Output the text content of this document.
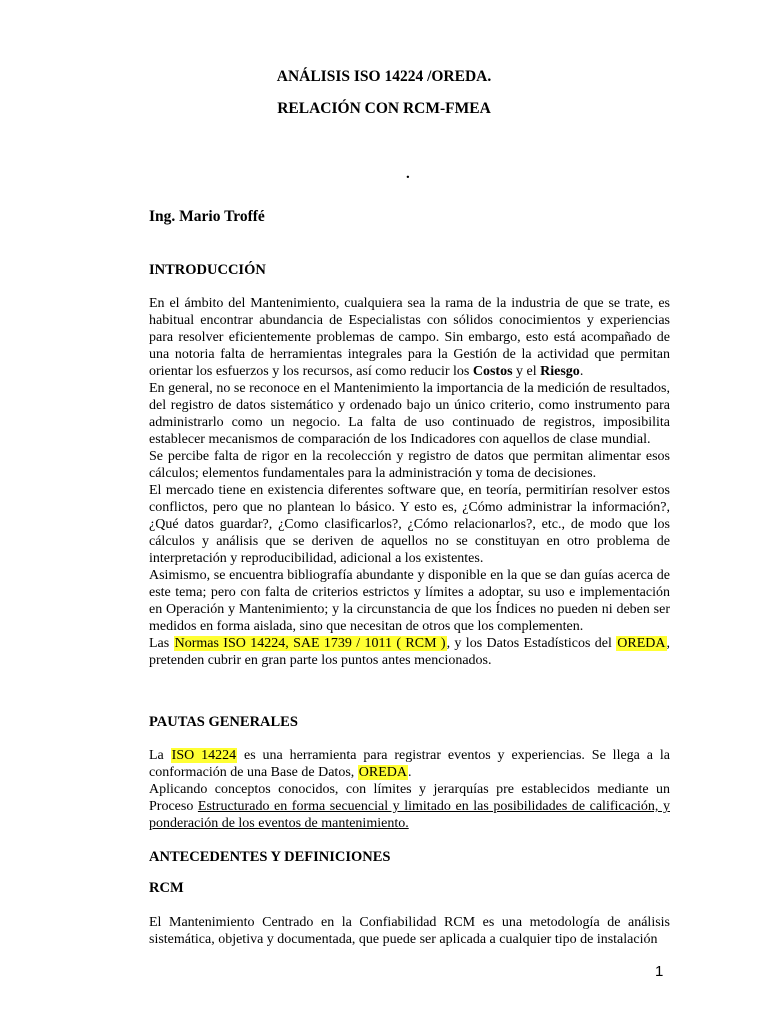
ANÁLISIS ISO 14224 /OREDA.
RELACIÓN CON RCM-FMEA
.
Ing. Mario Troffé
INTRODUCCIÓN

En el ámbito del Mantenimiento, cualquiera sea la rama de la industria de que se trate, es habitual encontrar abundancia de Especialistas con sólidos conocimientos y experiencias para resolver eficientemente problemas de campo. Sin embargo, esto está acompañado de una notoria falta de herramientas integrales para la Gestión de la actividad que permitan orientar los esfuerzos y los recursos, así como reducir los Costos y el Riesgo.

En general, no se reconoce en el Mantenimiento la importancia de la medición de resultados, del registro de datos sistemático y ordenado bajo un único criterio, como instrumento para administrarlo como un negocio. La falta de uso continuado de registros, imposibilita establecer mecanismos de comparación de los Indicadores con aquellos de clase mundial.

Se percibe falta de rigor en la recolección y registro de datos que permitan alimentar esos cálculos; elementos fundamentales para la administración y toma de decisiones.

El mercado tiene en existencia diferentes software que, en teoría, permitirían resolver estos conflictos, pero que no plantean lo básico. Y esto es, ¿Cómo administrar la información?, ¿Qué datos guardar?, ¿Como clasificarlos?, ¿Cómo relacionarlos?, etc., de modo que los cálculos y análisis que se deriven de aquellos no se constituyan en otro problema de interpretación y reproducibilidad, adicional a los existentes.

Asimismo, se encuentra bibliografía abundante y disponible en la que se dan guías acerca de este tema; pero con falta de criterios estrictos y límites a adoptar, su uso e implementación en Operación y Mantenimiento; y la circunstancia de que los Índices no pueden ni deben ser medidos en forma aislada, sino que necesitan de otros que los complementen.

Las Normas ISO 14224, SAE 1739 / 1011 ( RCM ), y los Datos Estadísticos del OREDA, pretenden cubrir en gran parte los puntos antes mencionados.

PAUTAS GENERALES

La ISO 14224 es una herramienta para registrar eventos y experiencias. Se llega a la conformación de una Base de Datos, OREDA.

Aplicando conceptos conocidos, con límites y jerarquías pre establecidos mediante un Proceso Estructurado en forma secuencial y limitado en las posibilidades de calificación, y ponderación de los eventos de mantenimiento.

ANTECEDENTES Y DEFINICIONES
RCM

El Mantenimiento Centrado en la Confiabilidad RCM es una metodología de análisis sistemática, objetiva y documentada, que puede ser aplicada a cualquier tipo de instalación

1
